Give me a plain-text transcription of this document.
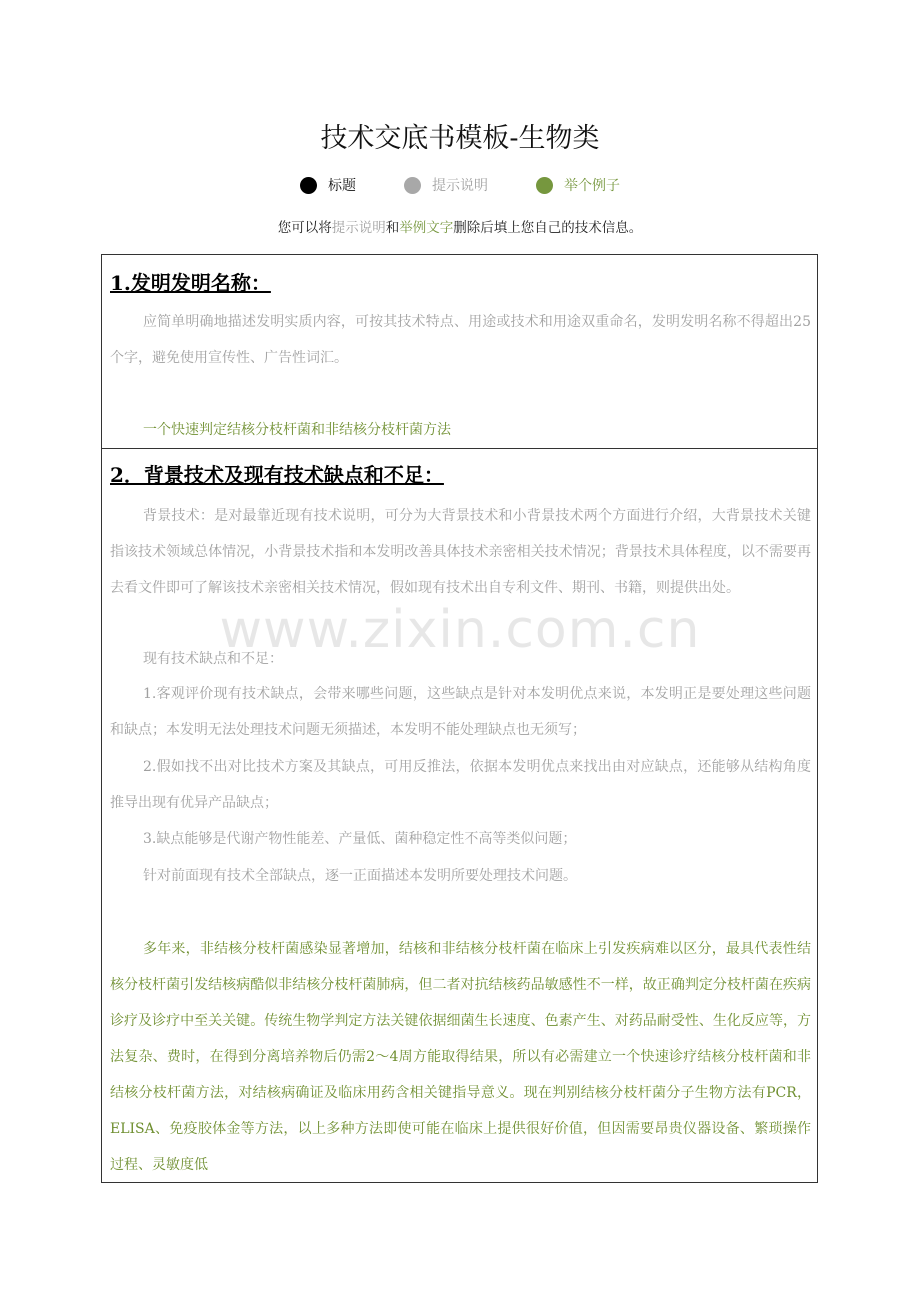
技术交底书模板-生物类
标题	提示说明	举个例子
您可以将提示说明和举例文字删除后填上您自己的技术信息。
1.发明发明名称：

应简单明确地描述发明实质内容，可按其技术特点、用途或技术和用途双重命名，发明发明名称不得超出25个字，避免使用宣传性、广告性词汇。

一个快速判定结核分枝杆菌和非结核分枝杆菌方法

2．背景技术及现有技术缺点和不足：

背景技术：是对最靠近现有技术说明，可分为大背景技术和小背景技术两个方面进行介绍，大背景技术关键指该技术领域总体情况，小背景技术指和本发明改善具体技术亲密相关技术情况；背景技术具体程度，以不需要再去看文件即可了解该技术亲密相关技术情况，假如现有技术出自专利文件、期刊、书籍，则提供出处。

现有技术缺点和不足：

1.客观评价现有技术缺点，会带来哪些问题，这些缺点是针对本发明优点来说，本发明正是要处理这些问题和缺点；本发明无法处理技术问题无须描述，本发明不能处理缺点也无须写；

2.假如找不出对比技术方案及其缺点，可用反推法，依据本发明优点来找出由对应缺点，还能够从结构角度推导出现有优异产品缺点；

3.缺点能够是代谢产物性能差、产量低、菌种稳定性不高等类似问题；

针对前面现有技术全部缺点，逐一正面描述本发明所要处理技术问题。

多年来，非结核分枝杆菌感染显著增加，结核和非结核分枝杆菌在临床上引发疾病难以区分，最具代表性结核分枝杆菌引发结核病酷似非结核分枝杆菌肺病，但二者对抗结核药品敏感性不一样，故正确判定分枝杆菌在疾病诊疗及诊疗中至关关键。传统生物学判定方法关键依据细菌生长速度、色素产生、对药品耐受性、生化反应等，方法复杂、费时，在得到分离培养物后仍需2～4周方能取得结果，所以有必需建立一个快速诊疗结核分枝杆菌和非结核分枝杆菌方法，对结核病确证及临床用药含相关键指导意义。现在判别结核分枝杆菌分子生物方法有PCR，ELISA、免疫胶体金等方法，以上多种方法即使可能在临床上提供很好价值，但因需要昂贵仪器设备、繁琐操作过程、灵敏度低

www.zixin.com.cn
